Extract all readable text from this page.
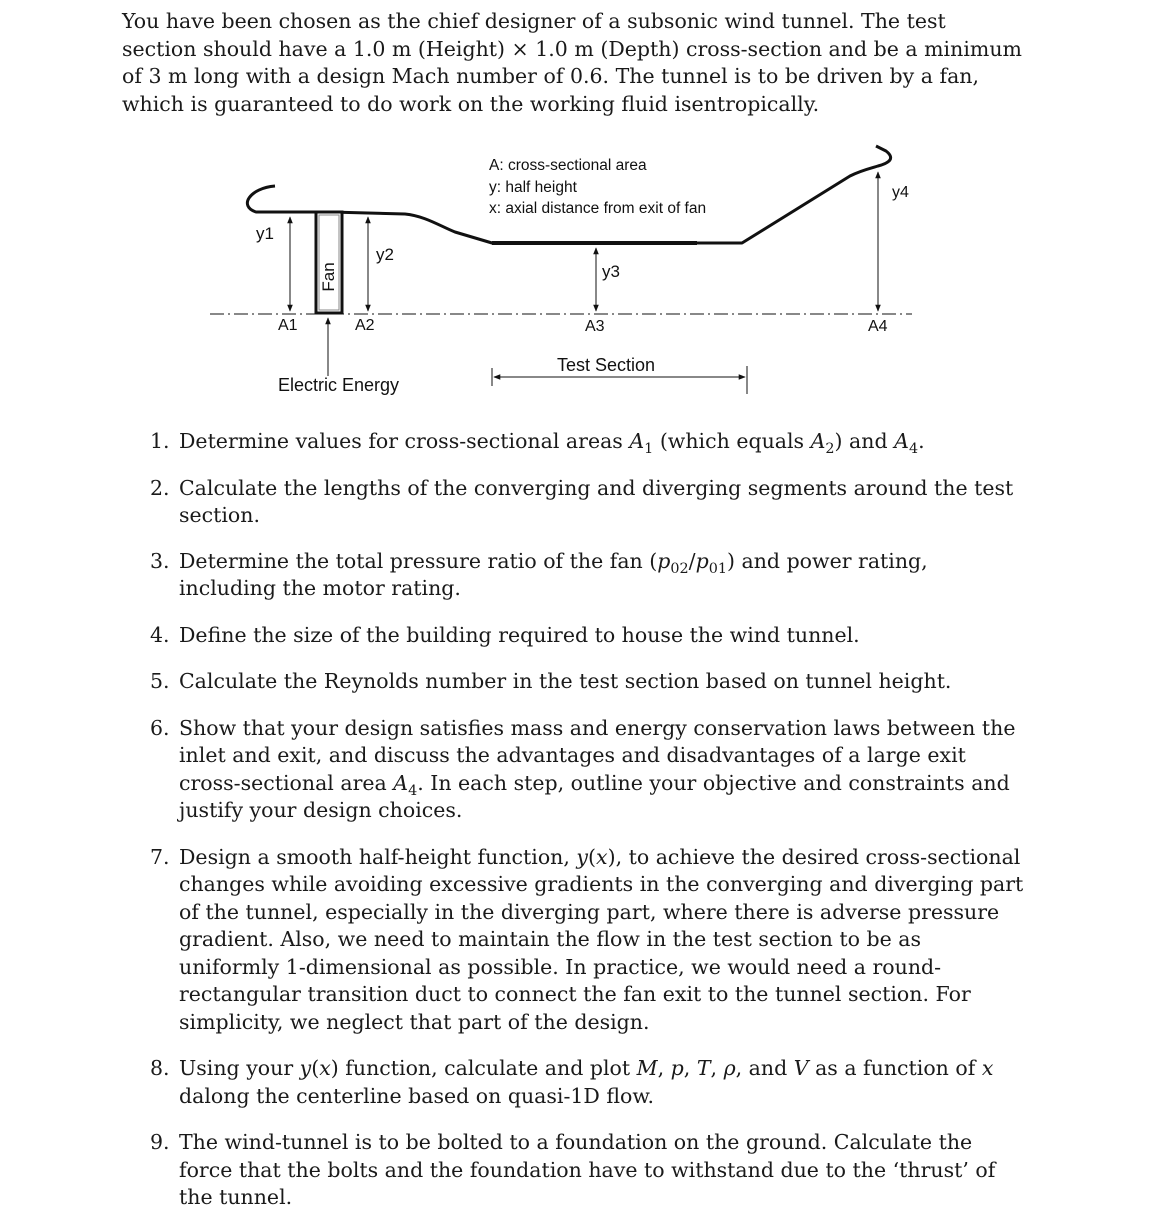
You have been chosen as the chief designer of a subsonic wind tunnel. The test section should have a 1.0 m (Height) × 1.0 m (Depth) cross-section and be a minimum of 3 m long with a design Mach number of 0.6. The tunnel is to be driven by a fan, which is guaranteed to do work on the working fluid isentropically.

Fan
y1
y2
y3
y4
A1	A2	A3	A4
Electric Energy
A: cross-sectional area
y: half height
x: axial distance from exit of fan
Test Section
1. Determine values for cross-sectional areas $A_1$ (which equals $A_2$) and $A_4$.
2. Calculate the lengths of the converging and diverging segments around the test section.
3. Determine the total pressure ratio of the fan $(p_{02}/p_{01})$ and power rating, including the motor rating.
4. Define the size of the building required to house the wind tunnel.
5. Calculate the Reynolds number in the test section based on tunnel height.
6. Show that your design satisfies mass and energy conservation laws between the inlet and exit, and discuss the advantages and disadvantages of a large exit cross-sectional area $A_4$. In each step, outline your objective and constraints and justify your design choices.
7. Design a smooth half-height function, y(x), to achieve the desired cross-sectional changes while avoiding excessive gradients in the converging and diverging part of the tunnel, especially in the diverging part, where there is adverse pressure gradient. Also, we need to maintain the flow in the test section to be as uniformly 1-dimensional as possible. In practice, we would need a round-rectangular transition duct to connect the fan exit to the tunnel section. For simplicity, we neglect that part of the design.
8. Using your y(x) function, calculate and plot M, p, T, ρ, and V as a function of x dalong the centerline based on quasi-1D flow.
9. The wind-tunnel is to be bolted to a foundation on the ground. Calculate the force that the bolts and the foundation have to withstand due to the ‘thrust’ of the tunnel.
